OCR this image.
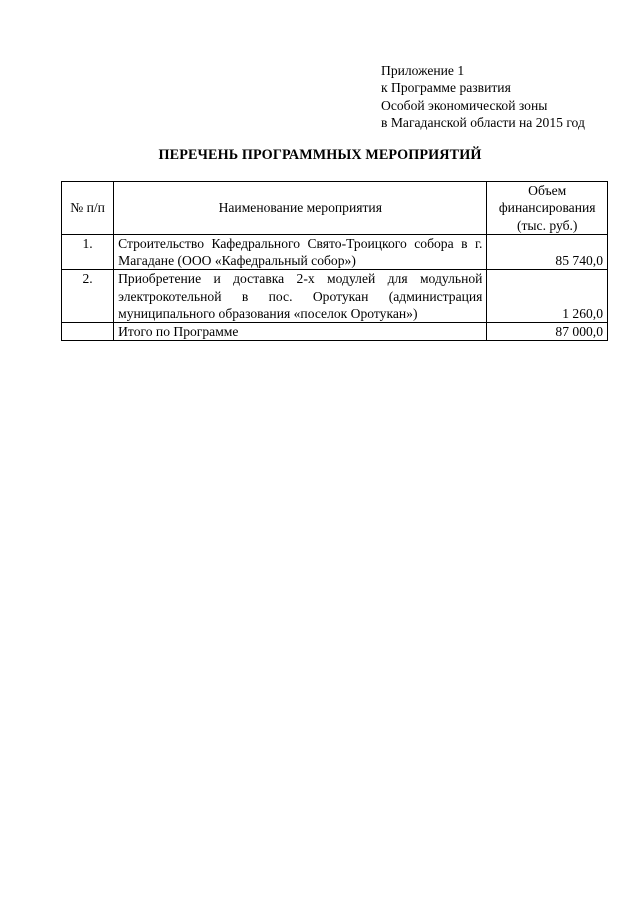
Приложение 1
к Программе развития
Особой экономической зоны
в Магаданской области на 2015 год
ПЕРЕЧЕНЬ ПРОГРАММНЫХ МЕРОПРИЯТИЙ
№ п/п	Наименование мероприятия	Объем финансирования (тыс. руб.)
1.	Строительство Кафедрального Свято-Троицкого собора в г. Магадане (ООО «Кафедральный собор»)	85 740,0
2.	Приобретение и доставка 2-х модулей для модульной электрокотельной в пос. Оротукан (администрация муниципального образования «поселок Оротукан»)	1 260,0
	Итого по Программе	87 000,0
